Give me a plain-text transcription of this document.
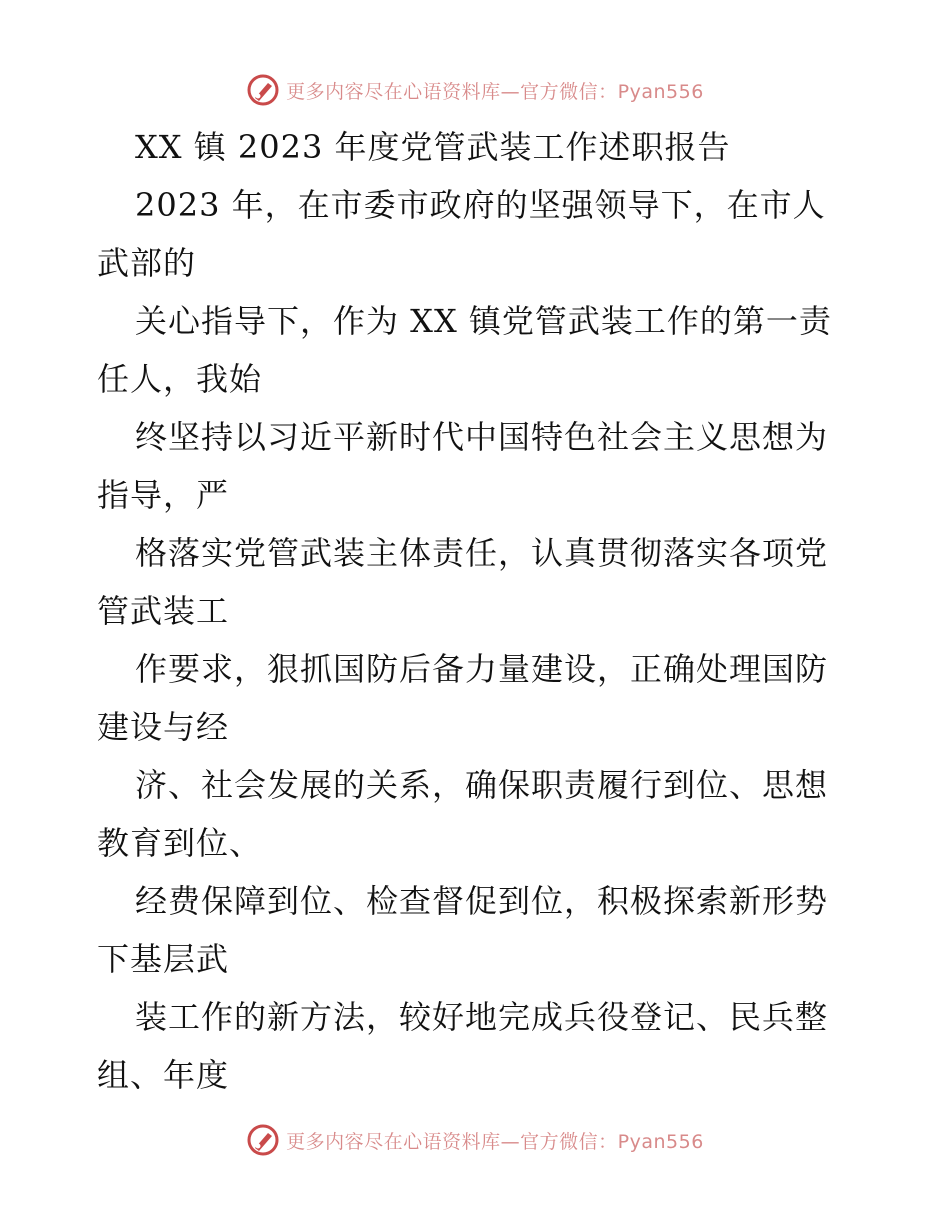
更多内容尽在心语资料库—官方微信：Pyan556
XX 镇 2023 年度党管武装工作述职报告
2023 年，在市委市政府的坚强领导下，在市人
武部的
关心指导下，作为 XX 镇党管武装工作的第一责
任人，我始
终坚持以习近平新时代中国特色社会主义思想为
指导，严
格落实党管武装主体责任，认真贯彻落实各项党
管武装工
作要求，狠抓国防后备力量建设，正确处理国防
建设与经
济、社会发展的关系，确保职责履行到位、思想
教育到位、
经费保障到位、检查督促到位，积极探索新形势
下基层武
装工作的新方法，较好地完成兵役登记、民兵整
组、年度
更多内容尽在心语资料库—官方微信：Pyan556
